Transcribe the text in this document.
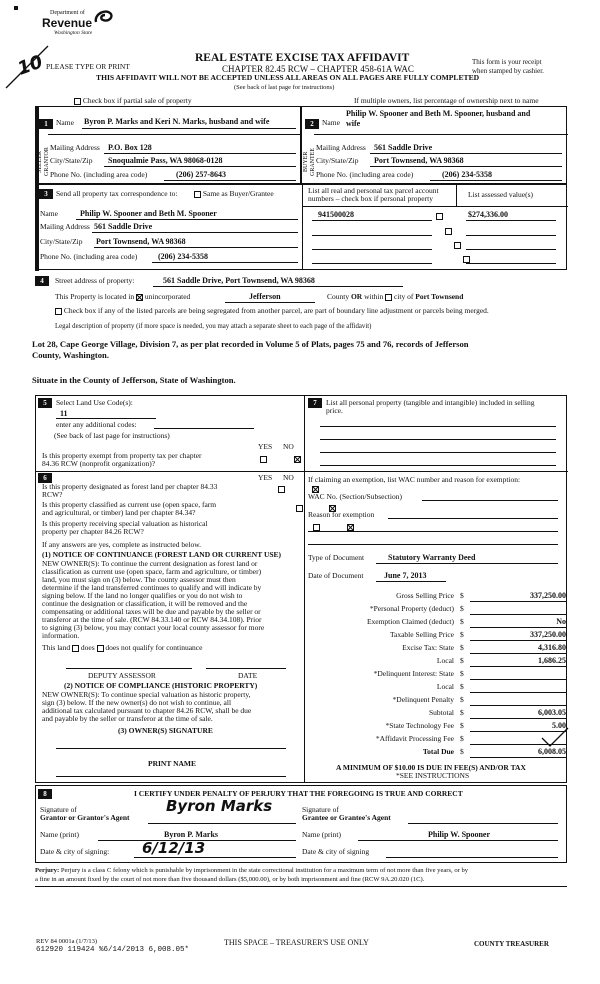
Department of
Revenue
Washington State
10 PLEASE TYPE OR PRINT
REAL ESTATE EXCISE TAX AFFIDAVIT
CHAPTER 82.45 RCW – CHAPTER 458-61A WAC
THIS AFFIDAVIT WILL NOT BE ACCEPTED UNLESS ALL AREAS ON ALL PAGES ARE FULLY COMPLETED
(See back of last page for instructions)
This form is your receipt
when stamped by cashier.
Check box if partial sale of property	If multiple owners, list percentage of ownership next to name
SELLER GRANTOR
1	Name Byron P. Marks and Keri N. Marks, husband and wife
Mailing Address P.O. Box 128
City/State/Zip Snoqualmie Pass, WA 98068-0128
Phone No. (including area code)	(206) 257-8643
BUYER GRANTEE
2	Name
Philip W. Spooner and Beth M. Spooner, husband and
wife
Mailing Address 561 Saddle Drive
City/State/Zip Port Townsend, WA 98368
Phone No. (including area code)	(206) 234-5358
3	Send all property tax correspondence to:	Same as Buyer/Grantee
Name	Philip W. Spooner and Beth M. Spooner
Mailing Address 561 Saddle Drive
City/State/Zip Port Townsend, WA 98368
Phone No. (including area code)	(206) 234-5358
List all real and personal tax parcel account
numbers – check box if personal property	List assessed value(s)
941500028	$274,336.00

4	Street address of property:	561 Saddle Drive, Port Townsend, WA 98368
This Property is located in unincorporated	Jefferson	County OR within city of Port Townsend
Check box if any of the listed parcels are being segregated from another parcel, are part of boundary line adjustment or parcels being merged.
Legal description of property (if more space is needed, you may attach a separate sheet to each page of the affidavit)
Lot 28, Cape George Village, Division 7, as per plat recorded in Volume 5 of Plats, pages 75 and 76, records of Jefferson
County, Washington.
Situate in the County of Jefferson, State of Washington.
5	Select Land Use Code(s):
11
enter any additional codes:
(See back of last page for instructions)
YES NO
Is this property exempt from property tax per chapter
84.36 RCW (nonprofit organization)?

6	YES NO
Is this property designated as forest land per chapter 84.33
RCW?

Is this property classified as current use (open space, farm
and agricultural, or timber) land per chapter 84.34?

Is this property receiving special valuation as historical
property per chapter 84.26 RCW?

If any answers are yes, complete as instructed below.
(1) NOTICE OF CONTINUANCE (FOREST LAND OR CURRENT USE)
NEW OWNER(S): To continue the current designation as forest land or
classification as current use (open space, farm and agriculture, or timber)
land, you must sign on (3) below. The county assessor must then
determine if the land transferred continues to qualify and will indicate by
signing below. If the land no longer qualifies or you do not wish to
continue the designation or classification, it will be removed and the
compensating or additional taxes will be due and payable by the seller or
transferor at the time of sale. (RCW 84.33.140 or RCW 84.34.108). Prior
to signing (3) below, you may contact your local county assessor for more
information.
This land does does not qualify for continuance
DEPUTY ASSESSOR	DATE
(2) NOTICE OF COMPLIANCE (HISTORIC PROPERTY)
NEW OWNER(S): To continue special valuation as historic property,
sign (3) below. If the new owner(s) do not wish to continue, all
additional tax calculated pursuant to chapter 84.26 RCW, shall be due
and payable by the seller or transferor at the time of sale.
(3) OWNER(S) SIGNATURE
PRINT NAME
7	List all personal property (tangible and intangible) included in selling
price.
If claiming an exemption, list WAC number and reason for exemption:
WAC No. (Section/Subsection)
Reason for exemption
Type of Document	Statutory Warranty Deed
Date of Document	June 7, 2013
Gross Selling Price $	337,250.00
*Personal Property (deduct) $
Exemption Claimed (deduct) $	No
Taxable Selling Price $	337,250.00
Excise Tax: State $	4,316.80
Local $	1,686.25
*Delinquent Interest: State $
Local $
*Delinquent Penalty $
Subtotal $	6,003.05
*State Technology Fee $	5.00
*Affidavit Processing Fee $
Total Due $	6,008.05
A MINIMUM OF $10.00 IS DUE IN FEE(S) AND/OR TAX
*SEE INSTRUCTIONS
8	I CERTIFY UNDER PENALTY OF PERJURY THAT THE FOREGOING IS TRUE AND CORRECT
Signature of
Grantor or Grantor's Agent
Byron Marks	Signature of
Grantee or Grantee's Agent
Name (print)	Byron P. Marks	Name (print)	Philip W. Spooner
Date & city of signing: 6/12/13	Date & city of signing
Perjury: Perjury is a class C felony which is punishable by imprisonment in the state correctional institution for a maximum term of not more than five years, or by
a fine in an amount fixed by the court of not more than five thousand dollars ($5,000.00), or by both imprisonment and fine (RCW 9A.20.020 (1C).
REV 84 0001a (1/7/13)
612920 119424 %6/14/2013 6,008.05*
THIS SPACE – TREASURER'S USE ONLY	COUNTY TREASURER
